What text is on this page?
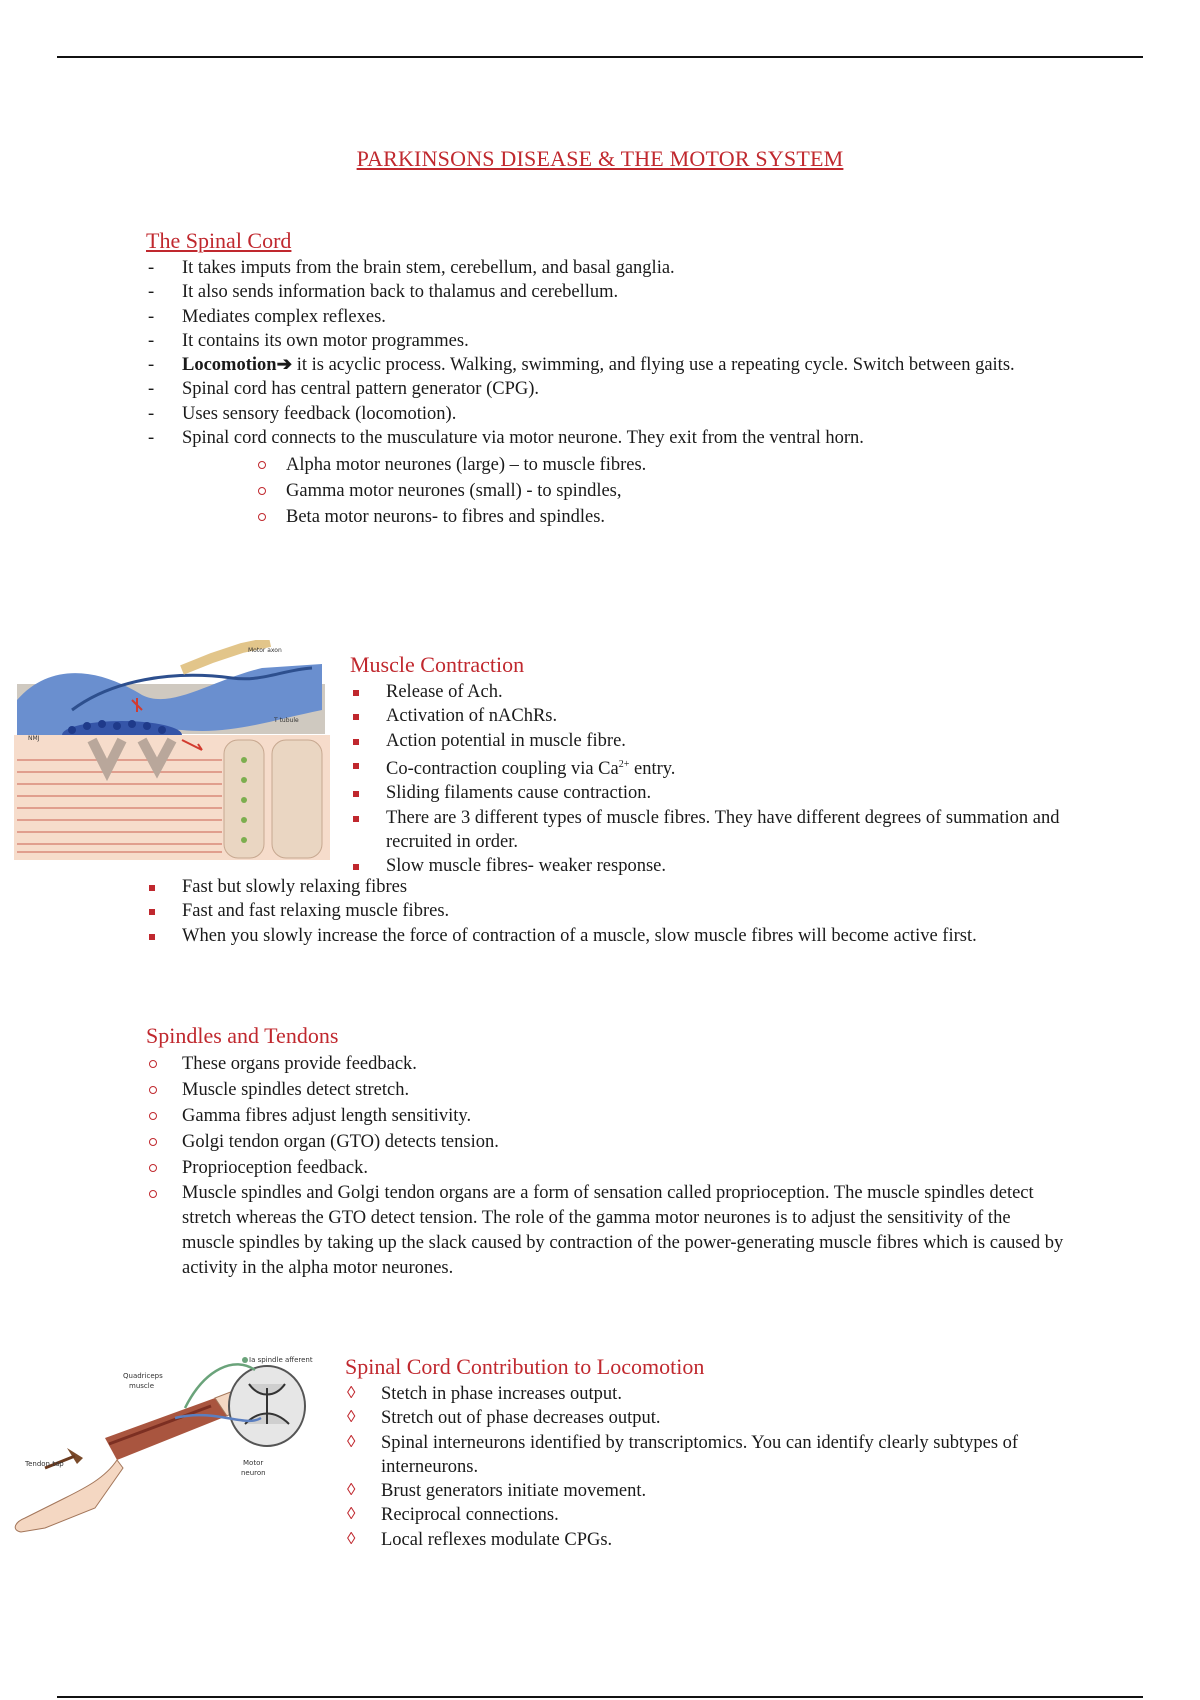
PARKINSONS DISEASE & THE MOTOR SYSTEM
The Spinal Cord
- It takes imputs from the brain stem, cerebellum, and basal ganglia.
- It also sends information back to thalamus and cerebellum.
- Mediates complex reflexes.
- It contains its own motor programmes.
- Locomotion➔ it is acyclic process. Walking, swimming, and flying use a repeating cycle. Switch between gaits.
- Spinal cord has central pattern generator (CPG).
- Uses sensory feedback (locomotion).
- Spinal cord connects to the musculature via motor neurone. They exit from the ventral horn.
Alpha motor neurones (large) – to muscle fibres.
Gamma motor neurones (small) - to spindles,
Beta motor neurons- to fibres and spindles.
Motor axon
T tubule
NMJ
Muscle Contraction
Release of Ach.
Activation of nAChRs.
Action potential in muscle fibre.
Co-contraction coupling via $Ca^{2+}$ entry.
Sliding filaments cause contraction.
There are 3 different types of muscle fibres. They have different degrees of summation and recruited in order.
Slow muscle fibres- weaker response.
Fast but slowly relaxing fibres
Fast and fast relaxing muscle fibres.
When you slowly increase the force of contraction of a muscle, slow muscle fibres will become active first.
Spindles and Tendons
These organs provide feedback.
Muscle spindles detect stretch.
Gamma fibres adjust length sensitivity.
Golgi tendon organ (GTO) detects tension.
Proprioception feedback.
Muscle spindles and Golgi tendon organs are a form of sensation called proprioception. The muscle spindles detect stretch whereas the GTO detect tension. The role of the gamma motor neurones is to adjust the sensitivity of the muscle spindles by taking up the slack caused by contraction of the power-generating muscle fibres which is caused by activity in the alpha motor neurones.
Ia spindle afferent
Quadriceps
muscle
Tendon tap	Motor
neuron
Spinal Cord Contribution to Locomotion
◊ Stetch in phase increases output.
◊ Stretch out of phase decreases output.
◊ Spinal interneurons identified by transcriptomics. You can identify clearly subtypes of interneurons.
◊ Brust generators initiate movement.
◊ Reciprocal connections.
◊ Local reflexes modulate CPGs.
